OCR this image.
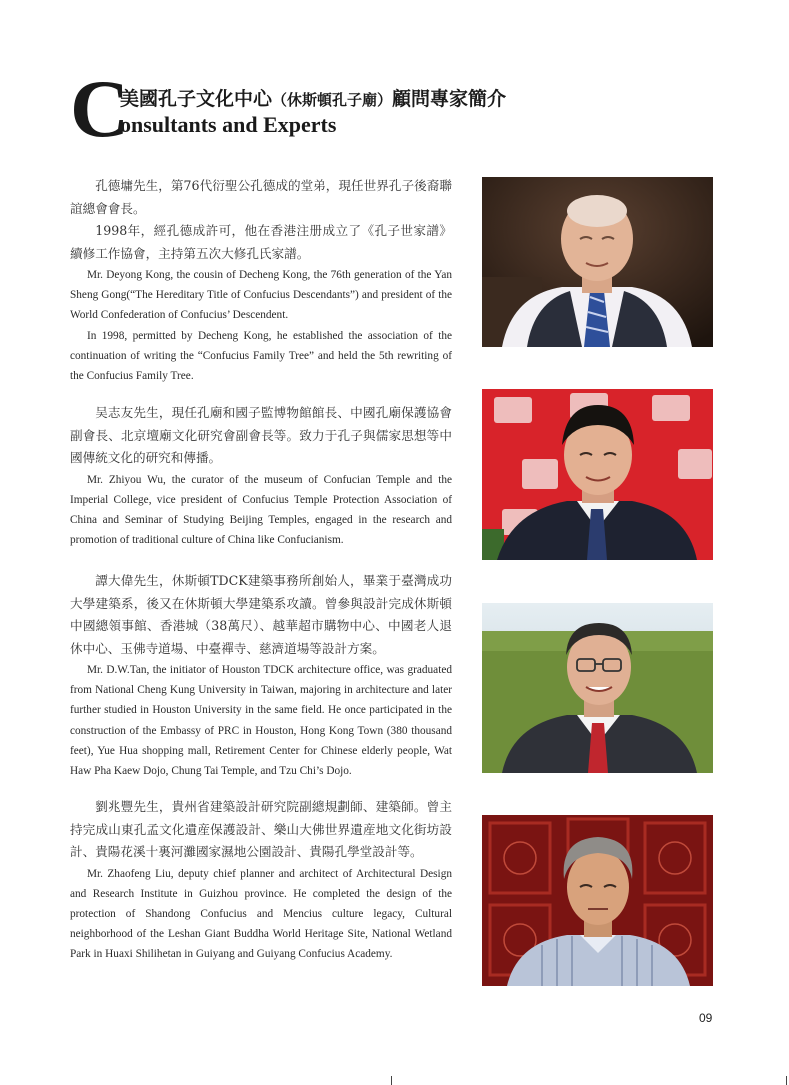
C
美國孔子文化中心（休斯頓孔子廟）顧問專家簡介
onsultants and Experts

孔德墉先生，第76代衍聖公孔德成的堂弟，現任世界孔子後裔聯誼總會會長。

1998年，經孔德成許可，他在香港注册成立了《孔子世家譜》續修工作協會，主持第五次大修孔氏家譜。

Mr. Deyong Kong, the cousin of Decheng Kong, the 76th generation of the Yan Sheng Gong(“The Hereditary Title of Confucius Descendants”) and president of the World Confederation of Confucius’ Descendent.

In 1998, permitted by Decheng Kong, he established the association of the continuation of writing the “Confucius Family Tree” and held the 5th rewriting of the Confucius Family Tree.

吴志友先生，現任孔廟和國子監博物館館長、中國孔廟保護協會副會長、北京壇廟文化研究會副會長等。致力于孔子與儒家思想等中國傳統文化的研究和傳播。

Mr. Zhiyou Wu, the curator of the museum of Confucian Temple and the Imperial College, vice president of Confucius Temple Protection Association of China and Seminar of Studying Beijing Temples, engaged in the research and promotion of traditional culture of China like Confucianism.

譚大偉先生，休斯頓TDCK建築事務所創始人，畢業于臺灣成功大學建築系，後又在休斯頓大學建築系攻讀。曾參與設計完成休斯頓中國總領事館、香港城（38萬尺）、越華超市購物中心、中國老人退休中心、玉佛寺道場、中臺禪寺、慈濟道場等設計方案。

Mr. D.W.Tan, the initiator of Houston TDCK architecture office, was graduated from National Cheng Kung University in Taiwan, majoring in architecture and later further studied in Houston University in the same field. He once participated in the construction of the Embassy of PRC in Houston, Hong Kong Town (380 thousand feet), Yue Hua shopping mall, Retirement Center for Chinese elderly people, Wat Haw Pha Kaew Dojo, Chung Tai Temple, and Tzu Chi’s Dojo.

劉兆豐先生，貴州省建築設計研究院副總規劃師、建築師。曾主持完成山東孔孟文化遺産保護設計、樂山大佛世界遺産地文化街坊設計、貴陽花溪十裏河灘國家濕地公園設計、貴陽孔學堂設計等。

Mr. Zhaofeng Liu, deputy chief planner and architect of Architectural Design and Research Institute in Guizhou province. He completed the design of the protection of Shandong Confucius and Mencius culture legacy, Cultural neighborhood of the Leshan Giant Buddha World Heritage Site, National Wetland Park in Huaxi Shilihetan in Guiyang and Guiyang Confucius Academy.

09
